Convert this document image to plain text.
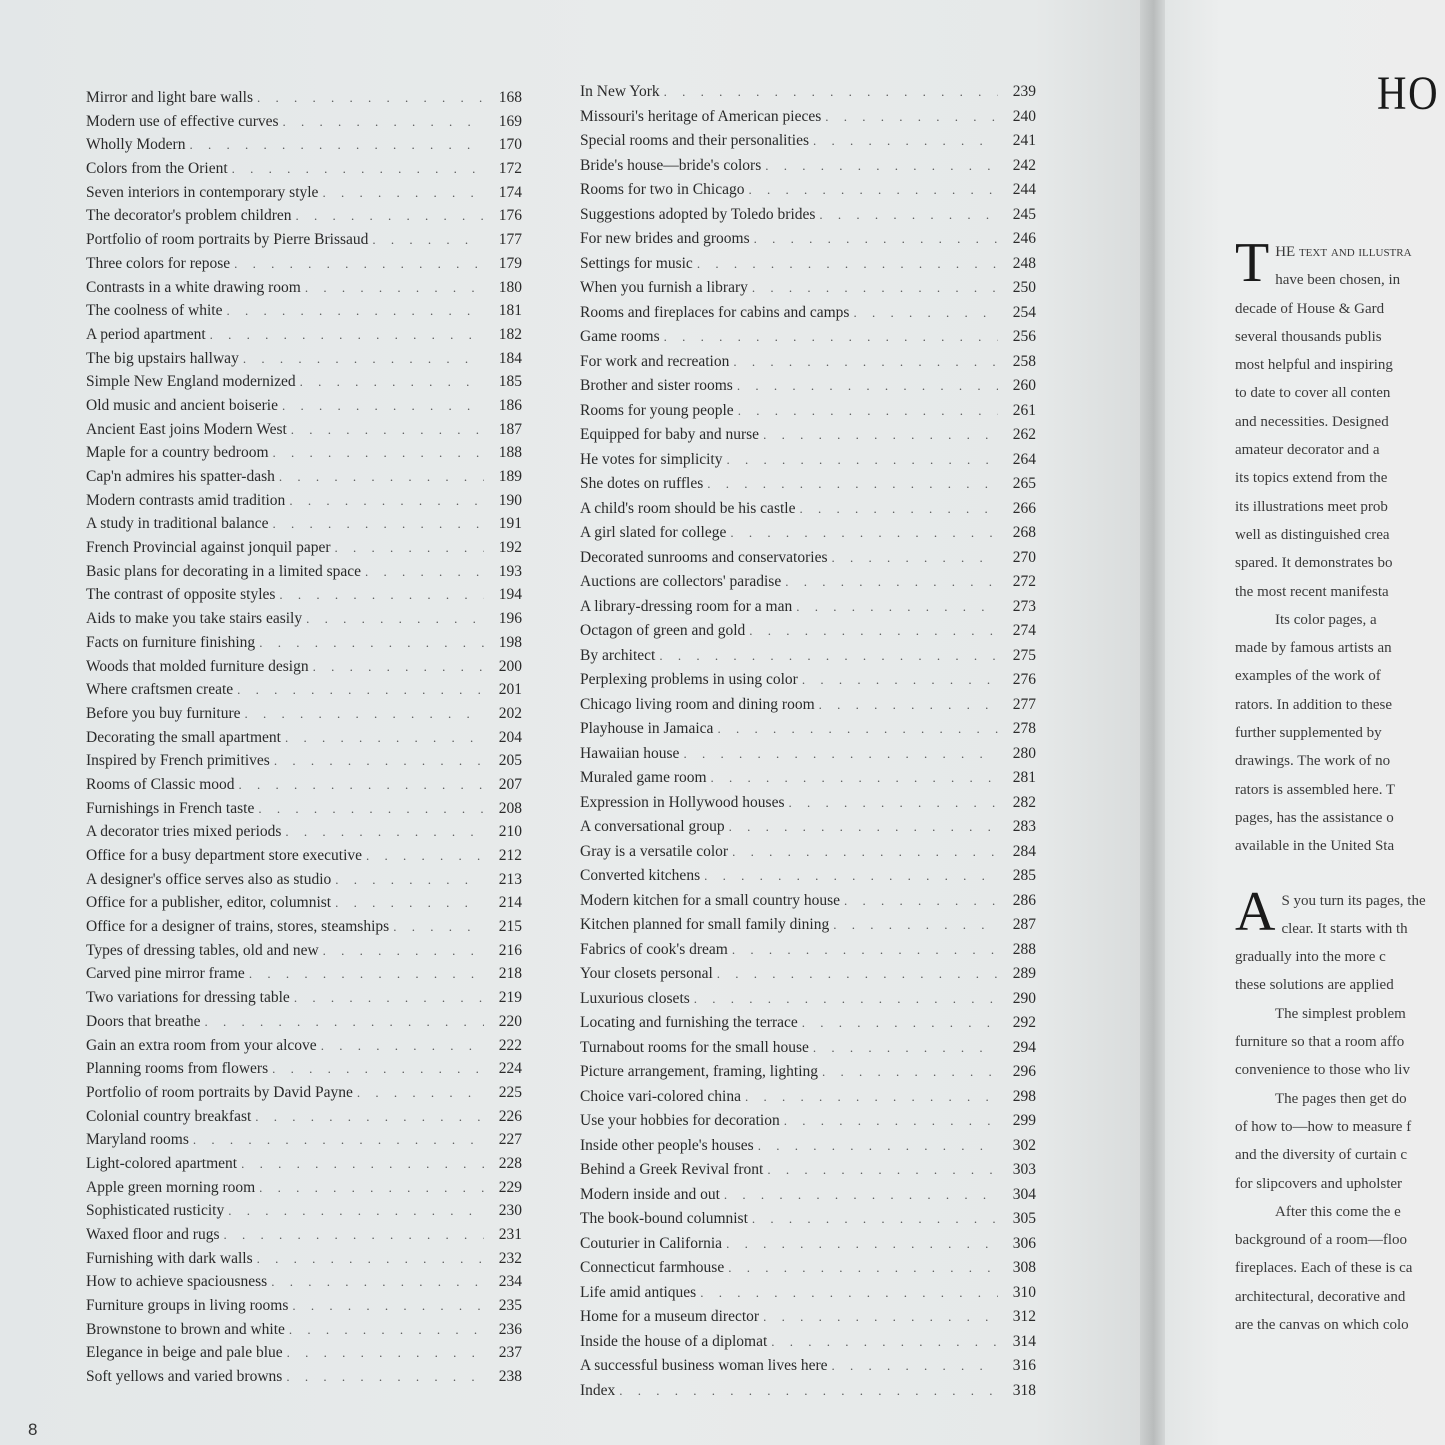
Mirror and light bare walls . . .	168
Modern use of effective curves . . .	169
Wholly Modern . . .	170
Colors from the Orient . . .	172
Seven interiors in contemporary style . . .	174
The decorator's problem children . . .	176
Portfolio of room portraits by Pierre Brissaud . . .	177
Three colors for repose . . .	179
Contrasts in a white drawing room . . .	180
The coolness of white . . .	181
A period apartment . . .	182
The big upstairs hallway . . .	184
Simple New England modernized . . .	185
Old music and ancient boiserie . . .	186
Ancient East joins Modern West . . .	187
Maple for a country bedroom . . .	188
Cap'n admires his spatter-dash . . .	189
Modern contrasts amid tradition . . .	190
A study in traditional balance . . .	191
French Provincial against jonquil paper . . .	192
Basic plans for decorating in a limited space . . .	193
The contrast of opposite styles . . .	194
Aids to make you take stairs easily . . .	196
Facts on furniture finishing . . .	198
Woods that molded furniture design . . .	200
Where craftsmen create . . .	201
Before you buy furniture . . .	202
Decorating the small apartment . . .	204
Inspired by French primitives . . .	205
Rooms of Classic mood . . .	207
Furnishings in French taste . . .	208
A decorator tries mixed periods . . .	210
Office for a busy department store executive . . .	212
A designer's office serves also as studio . . .	213
Office for a publisher, editor, columnist . . .	214
Office for a designer of trains, stores, steamships . . .	215
Types of dressing tables, old and new . . .	216
Carved pine mirror frame . . .	218
Two variations for dressing table . . .	219
Doors that breathe . . .	220
Gain an extra room from your alcove . . .	222
Planning rooms from flowers . . .	224
Portfolio of room portraits by David Payne . . .	225
Colonial country breakfast . . .	226
Maryland rooms . . .	227
Light-colored apartment . . .	228
Apple green morning room . . .	229
Sophisticated rusticity . . .	230
Waxed floor and rugs . . .	231
Furnishing with dark walls . . .	232
How to achieve spaciousness . . .	234
Furniture groups in living rooms . . .	235
Brownstone to brown and white . . .	236
Elegance in beige and pale blue . . .	237
Soft yellows and varied browns . . .	238
In New York . . .	239
Missouri's heritage of American pieces . . .	240
Special rooms and their personalities . . .	241
Bride's house—bride's colors . . .	242
Rooms for two in Chicago . . .	244
Suggestions adopted by Toledo brides . . .	245
For new brides and grooms . . .	246
Settings for music . . .	248
When you furnish a library . . .	250
Rooms and fireplaces for cabins and camps . . .	254
Game rooms . . .	256
For work and recreation . . .	258
Brother and sister rooms . . .	260
Rooms for young people . . .	261
Equipped for baby and nurse . . .	262
He votes for simplicity . . .	264
She dotes on ruffles . . .	265
A child's room should be his castle . . .	266
A girl slated for college . . .	268
Decorated sunrooms and conservatories . . .	270
Auctions are collectors' paradise . . .	272
A library-dressing room for a man . . .	273
Octagon of green and gold . . .	274
By architect . . .	275
Perplexing problems in using color . . .	276
Chicago living room and dining room . . .	277
Playhouse in Jamaica . . .	278
Hawaiian house . . .	280
Muraled game room . . .	281
Expression in Hollywood houses . . .	282
A conversational group . . .	283
Gray is a versatile color . . .	284
Converted kitchens . . .	285
Modern kitchen for a small country house . . .	286
Kitchen planned for small family dining . . .	287
Fabrics of cook's dream . . .	288
Your closets personal . . .	289
Luxurious closets . . .	290
Locating and furnishing the terrace . . .	292
Turnabout rooms for the small house . . .	294
Picture arrangement, framing, lighting . . .	296
Choice vari-colored china . . .	298
Use your hobbies for decoration . . .	299
Inside other people's houses . . .	302
Behind a Greek Revival front . . .	303
Modern inside and out . . .	304
The book-bound columnist . . .	305
Couturier in California . . .	306
Connecticut farmhouse . . .	308
Life amid antiques . . .	310
Home for a museum director . . .	312
Inside the house of a diplomat . . .	314
A successful business woman lives here . . .	316
Index . . .	318
8
HO
T HE text and illustra
have been chosen, in
decade of House & Gard
several thousands publis
most helpful and inspiring
to date to cover all conten
and necessities. Designed
amateur decorator and a
its topics extend from the
its illustrations meet prob
well as distinguished crea
spared. It demonstrates bo
the most recent manifesta
Its color pages, a
made by famous artists an
examples of the work of
rators. In addition to these
further supplemented by
drawings. The work of no
rators is assembled here. T
pages, has the assistance o
available in the United Sta
A S you turn its pages, the
clear. It starts with th
gradually into the more c
these solutions are applied
The simplest problem
furniture so that a room affo
convenience to those who liv
The pages then get do
of how to—how to measure f
and the diversity of curtain c
for slipcovers and upholster
After this come the e
background of a room—floo
fireplaces. Each of these is ca
architectural, decorative and
are the canvas on which colo
